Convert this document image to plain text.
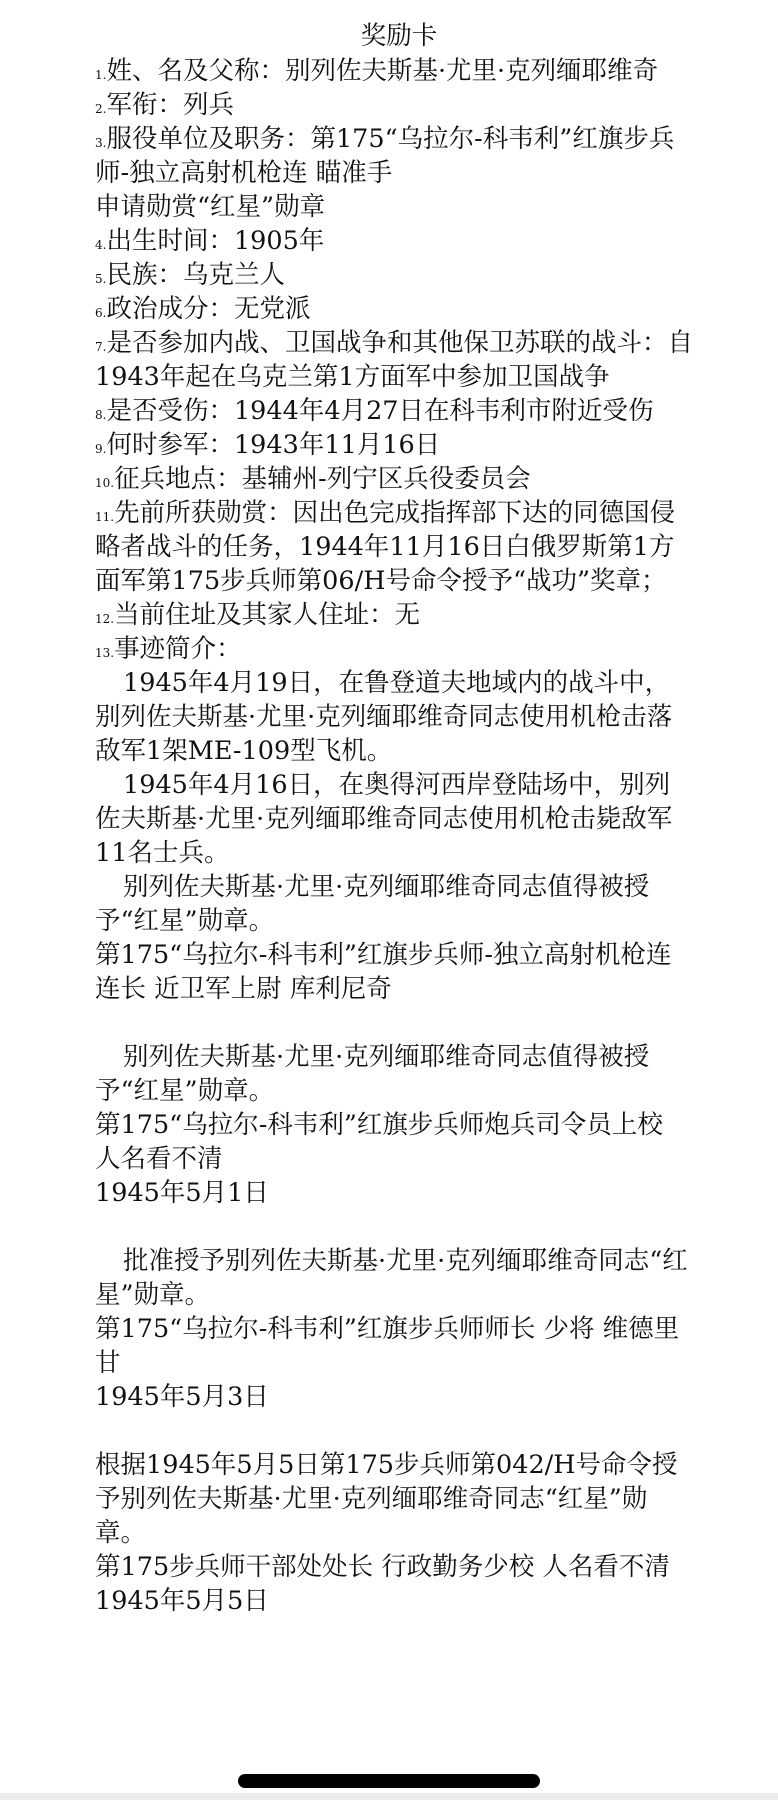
奖励卡

1.姓、名及父称：别列佐夫斯基·尤里·克列缅耶维奇

2.军衔：列兵

3.服役单位及职务：第175“乌拉尔-科韦利”红旗步兵师-独立高射机枪连 瞄准手

申请勋赏“红星”勋章

4.出生时间：1905年

5.民族：乌克兰人

6.政治成分：无党派

7.是否参加内战、卫国战争和其他保卫苏联的战斗：自1943年起在乌克兰第1方面军中参加卫国战争

8.是否受伤：1944年4月27日在科韦利市附近受伤

9.何时参军：1943年11月16日

10.征兵地点：基辅州-列宁区兵役委员会

11.先前所获勋赏：因出色完成指挥部下达的同德国侵略者战斗的任务，1944年11月16日白俄罗斯第1方面军第175步兵师第06/H号命令授予“战功”奖章；

12.当前住址及其家人住址：无

13.事迹简介：

1945年4月19日，在鲁登道夫地域内的战斗中，别列佐夫斯基·尤里·克列缅耶维奇同志使用机枪击落敌军1架ME-109型飞机。

1945年4月16日，在奥得河西岸登陆场中，别列佐夫斯基·尤里·克列缅耶维奇同志使用机枪击毙敌军11名士兵。

别列佐夫斯基·尤里·克列缅耶维奇同志值得被授予“红星”勋章。

第175“乌拉尔-科韦利”红旗步兵师-独立高射机枪连连长 近卫军上尉 库利尼奇

别列佐夫斯基·尤里·克列缅耶维奇同志值得被授予“红星”勋章。

第175“乌拉尔-科韦利”红旗步兵师炮兵司令员上校 人名看不清

1945年5月1日

批准授予别列佐夫斯基·尤里·克列缅耶维奇同志“红星”勋章。

第175“乌拉尔-科韦利”红旗步兵师师长 少将 维德里甘

1945年5月3日

根据1945年5月5日第175步兵师第042/H号命令授予别列佐夫斯基·尤里·克列缅耶维奇同志“红星”勋章。

第175步兵师干部处处长 行政勤务少校 人名看不清

1945年5月5日
